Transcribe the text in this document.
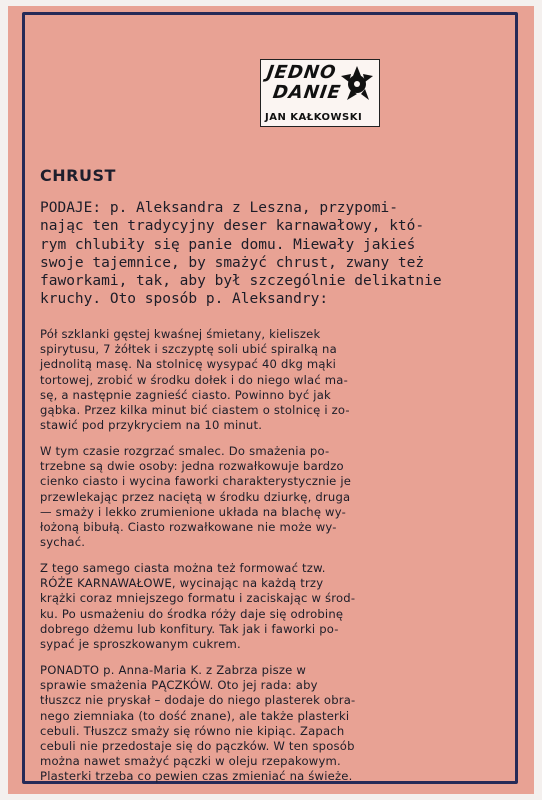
JEDNO
DANIE
JAN KAŁKOWSKI
CHRUST
PODAJE: p. Aleksandra z Leszna, przypomi-
nając ten tradycyjny deser karnawałowy, któ-
rym chlubiły się panie domu. Miewały jakieś
swoje tajemnice, by smażyć chrust, zwany też
faworkami, tak, aby był szczególnie delikatnie
kruchy. Oto sposób p. Aleksandry:
Pół szklanki gęstej kwaśnej śmietany, kieliszek
spirytusu, 7 żółtek i szczyptę soli ubić spiralką na
jednolitą masę. Na stolnicę wysypać 40 dkg mąki
tortowej, zrobić w środku dołek i do niego wlać ma-
sę, a następnie zagnieść ciasto. Powinno być jak
gąbka. Przez kilka minut bić ciastem o stolnicę i zo-
stawić pod przykryciem na 10 minut.
W tym czasie rozgrzać smalec. Do smażenia po-
trzebne są dwie osoby: jedna rozwałkowuje bardzo
cienko ciasto i wycina faworki charakterystycznie je
przewlekając przez naciętą w środku dziurkę, druga
— smaży i lekko zrumienione układa na blachę wy-
łożoną bibułą. Ciasto rozwałkowane nie może wy-
sychać.
Z tego samego ciasta można też formować tzw.
RÓŻE KARNAWAŁOWE, wycinając na każdą trzy
krążki coraz mniejszego formatu i zaciskając w środ-
ku. Po usmażeniu do środka róży daje się odrobinę
dobrego dżemu lub konfitury. Tak jak i faworki po-
sypać je sproszkowanym cukrem.
PONADTO p. Anna-Maria K. z Zabrza pisze w
sprawie smażenia PĄCZKÓW. Oto jej rada: aby
tłuszcz nie pryskał – dodaje do niego plasterek obra-
nego ziemniaka (to dość znane), ale także plasterki
cebuli. Tłuszcz smaży się równo nie kipiąc. Zapach
cebuli nie przedostaje się do pączków. W ten sposób
można nawet smażyć pączki w oleju rzepakowym.
Plasterki trzeba co pewien czas zmieniać na świeże.
